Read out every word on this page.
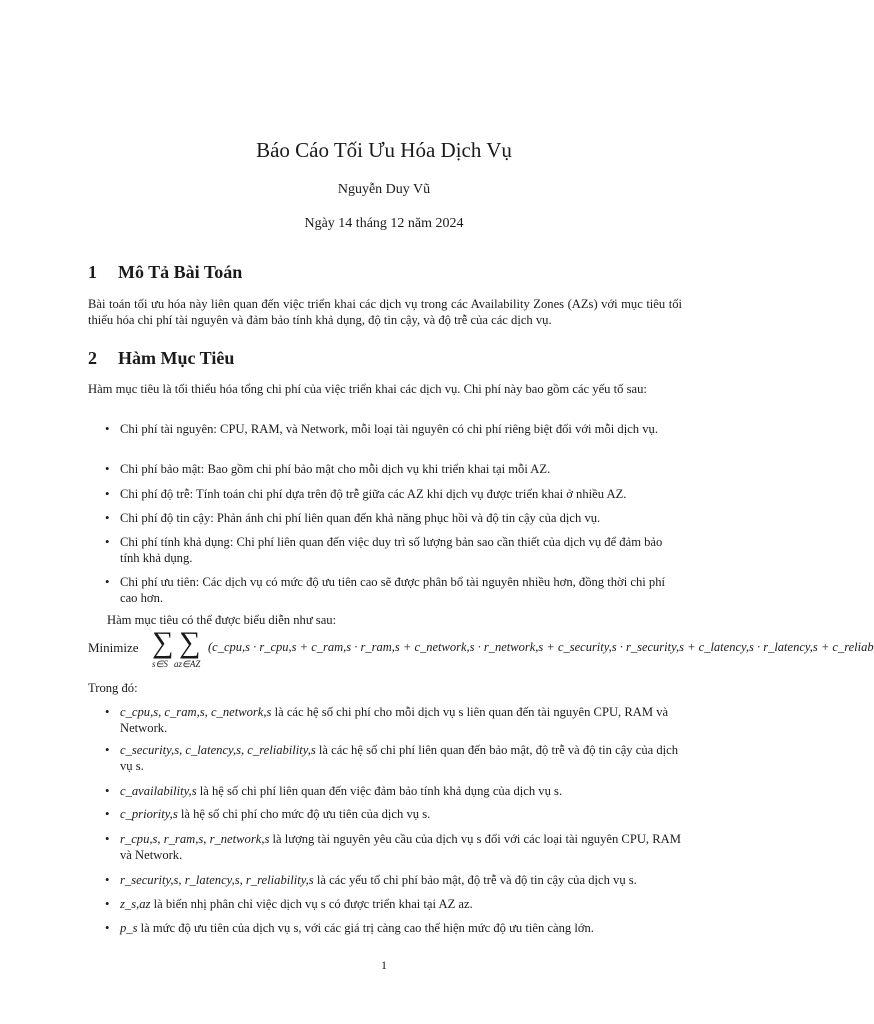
Báo Cáo Tối Ưu Hóa Dịch Vụ
Nguyễn Duy Vũ
Ngày 14 tháng 12 năm 2024
1 Mô Tả Bài Toán
Bài toán tối ưu hóa này liên quan đến việc triển khai các dịch vụ trong các Availability Zones (AZs) với mục tiêu tối thiểu hóa chi phí tài nguyên và đảm bảo tính khả dụng, độ tin cậy, và độ trễ của các dịch vụ.
2 Hàm Mục Tiêu
Hàm mục tiêu là tối thiểu hóa tổng chi phí của việc triển khai các dịch vụ. Chi phí này bao gồm các yếu tố sau:
• Chi phí tài nguyên: CPU, RAM, và Network, mỗi loại tài nguyên có chi phí riêng biệt đối với mỗi dịch vụ.
• Chi phí bảo mật: Bao gồm chi phí bảo mật cho mỗi dịch vụ khi triển khai tại mỗi AZ.
• Chi phí độ trễ: Tính toán chi phí dựa trên độ trễ giữa các AZ khi dịch vụ được triển khai ở nhiều AZ.
• Chi phí độ tin cậy: Phản ánh chi phí liên quan đến khả năng phục hồi và độ tin cậy của dịch vụ.
• Chi phí tính khả dụng: Chi phí liên quan đến việc duy trì số lượng bản sao cần thiết của dịch vụ để đảm bảo tính khả dụng.
• Chi phí ưu tiên: Các dịch vụ có mức độ ưu tiên cao sẽ được phân bổ tài nguyên nhiều hơn, đồng thời chi phí cao hơn.
Hàm mục tiêu có thể được biểu diễn như sau:
Minimize ∑
s∈S
∑
az∈AZ
(c_cpu,s · r_cpu,s + c_ram,s · r_ram,s + c_network,s · r_network,s + c_security,s · r_security,s + c_latency,s · r_latency,s + c_reliab
Trong đó:
• c_cpu,s, c_ram,s, c_network,s là các hệ số chi phí cho mỗi dịch vụ s liên quan đến tài nguyên CPU, RAM và Network.
• c_security,s, c_latency,s, c_reliability,s là các hệ số chi phí liên quan đến bảo mật, độ trễ và độ tin cậy của dịch vụ s.
• c_availability,s là hệ số chi phí liên quan đến việc đảm bảo tính khả dụng của dịch vụ s.
• c_priority,s là hệ số chi phí cho mức độ ưu tiên của dịch vụ s.
• r_cpu,s, r_ram,s, r_network,s là lượng tài nguyên yêu cầu của dịch vụ s đối với các loại tài nguyên CPU, RAM và Network.
• r_security,s, r_latency,s, r_reliability,s là các yếu tố chi phí bảo mật, độ trễ và độ tin cậy của dịch vụ s.
• z_s,az là biến nhị phân chỉ việc dịch vụ s có được triển khai tại AZ az.
• p_s là mức độ ưu tiên của dịch vụ s, với các giá trị càng cao thể hiện mức độ ưu tiên càng lớn.
1
